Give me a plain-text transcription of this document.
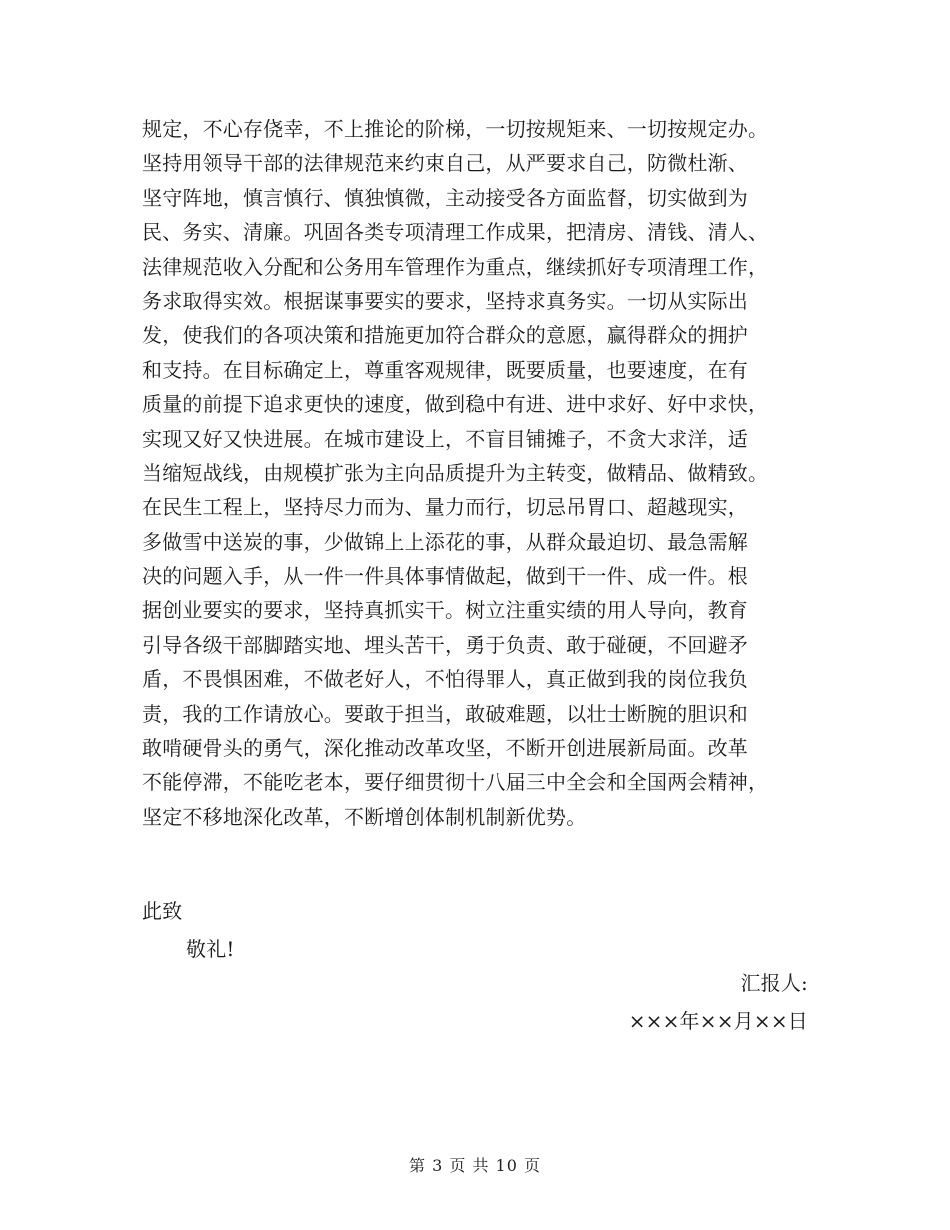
规定，不心存侥幸，不上推论的阶梯，一切按规矩来、一切按规定办。
坚持用领导干部的法律规范来约束自己，从严要求自己，防微杜渐、
坚守阵地，慎言慎行、慎独慎微，主动接受各方面监督，切实做到为
民、务实、清廉。巩固各类专项清理工作成果，把清房、清钱、清人、
法律规范收入分配和公务用车管理作为重点，继续抓好专项清理工作，
务求取得实效。根据谋事要实的要求，坚持求真务实。一切从实际出
发，使我们的各项决策和措施更加符合群众的意愿，赢得群众的拥护
和支持。在目标确定上，尊重客观规律，既要质量，也要速度，在有
质量的前提下追求更快的速度，做到稳中有进、进中求好、好中求快，
实现又好又快进展。在城市建设上，不盲目铺摊子，不贪大求洋，适
当缩短战线，由规模扩张为主向品质提升为主转变，做精品、做精致。
在民生工程上，坚持尽力而为、量力而行，切忌吊胃口、超越现实，
多做雪中送炭的事，少做锦上上添花的事，从群众最迫切、最急需解
决的问题入手，从一件一件具体事情做起，做到干一件、成一件。根
据创业要实的要求，坚持真抓实干。树立注重实绩的用人导向，教育
引导各级干部脚踏实地、埋头苦干，勇于负责、敢于碰硬，不回避矛
盾，不畏惧困难，不做老好人，不怕得罪人，真正做到我的岗位我负
责，我的工作请放心。要敢于担当，敢破难题，以壮士断腕的胆识和
敢啃硬骨头的勇气，深化推动改革攻坚，不断开创进展新局面。改革
不能停滞，不能吃老本，要仔细贯彻十八届三中全会和全国两会精神，
坚定不移地深化改革，不断增创体制机制新优势。
此致
敬礼!
汇报人:
×××年××月××日
第 3 页 共 10 页
